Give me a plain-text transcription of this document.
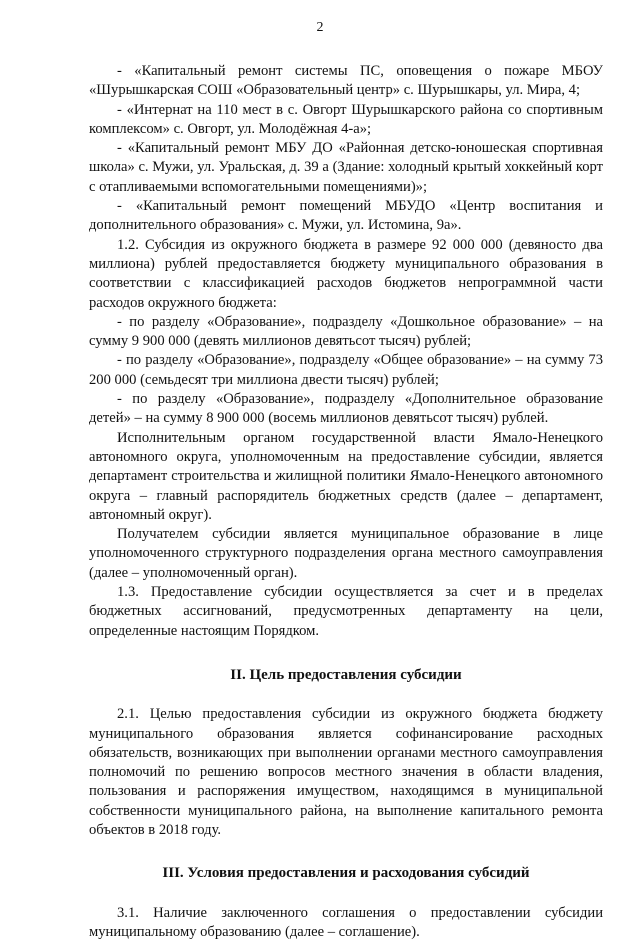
2

- «Капитальный ремонт системы ПС, оповещения о пожаре МБОУ «Шурышкарская СОШ «Образовательный центр» с. Шурышкары, ул. Мира, 4;

- «Интернат на 110 мест в с. Овгорт Шурышкарского района со спортивным комплексом» с. Овгорт, ул. Молодёжная 4-а»;

- «Капитальный ремонт МБУ ДО «Районная детско-юношеская спортивная школа» с. Мужи, ул. Уральская, д. 39 а (Здание: холодный крытый хоккейный корт с отапливаемыми вспомогательными помещениями)»;

- «Капитальный ремонт помещений МБУДО «Центр воспитания и дополнительного образования» с. Мужи, ул. Истомина, 9а».

1.2. Субсидия из окружного бюджета в размере 92 000 000 (девяносто два миллиона) рублей предоставляется бюджету муниципального образования в соответствии с классификацией расходов бюджетов непрограммной части расходов окружного бюджета:

- по разделу «Образование», подразделу «Дошкольное образование» – на сумму 9 900 000 (девять миллионов девятьсот тысяч) рублей;

- по разделу «Образование», подразделу «Общее образование» – на сумму 73 200 000 (семьдесят три миллиона двести тысяч) рублей;

- по разделу «Образование», подразделу «Дополнительное образование детей» – на сумму 8 900 000 (восемь миллионов девятьсот тысяч) рублей.

Исполнительным органом государственной власти Ямало-Ненецкого автономного округа, уполномоченным на предоставление субсидии, является департамент строительства и жилищной политики Ямало-Ненецкого автономного округа – главный распорядитель бюджетных средств (далее – департамент, автономный округ).

Получателем субсидии является муниципальное образование в лице уполномоченного структурного подразделения органа местного самоуправления (далее – уполномоченный орган).

1.3. Предоставление субсидии осуществляется за счет и в пределах бюджетных ассигнований, предусмотренных департаменту на цели, определенные настоящим Порядком.

II. Цель предоставления субсидии

2.1. Целью предоставления субсидии из окружного бюджета бюджету муниципального образования является софинансирование расходных обязательств, возникающих при выполнении органами местного самоуправления полномочий по решению вопросов местного значения в области владения, пользования и распоряжения имуществом, находящимся в муниципальной собственности муниципального района, на выполнение капитального ремонта объектов в 2018 году.

III. Условия предоставления и расходования субсидий

3.1. Наличие заключенного соглашения о предоставлении субсидии муниципальному образованию (далее – соглашение).
